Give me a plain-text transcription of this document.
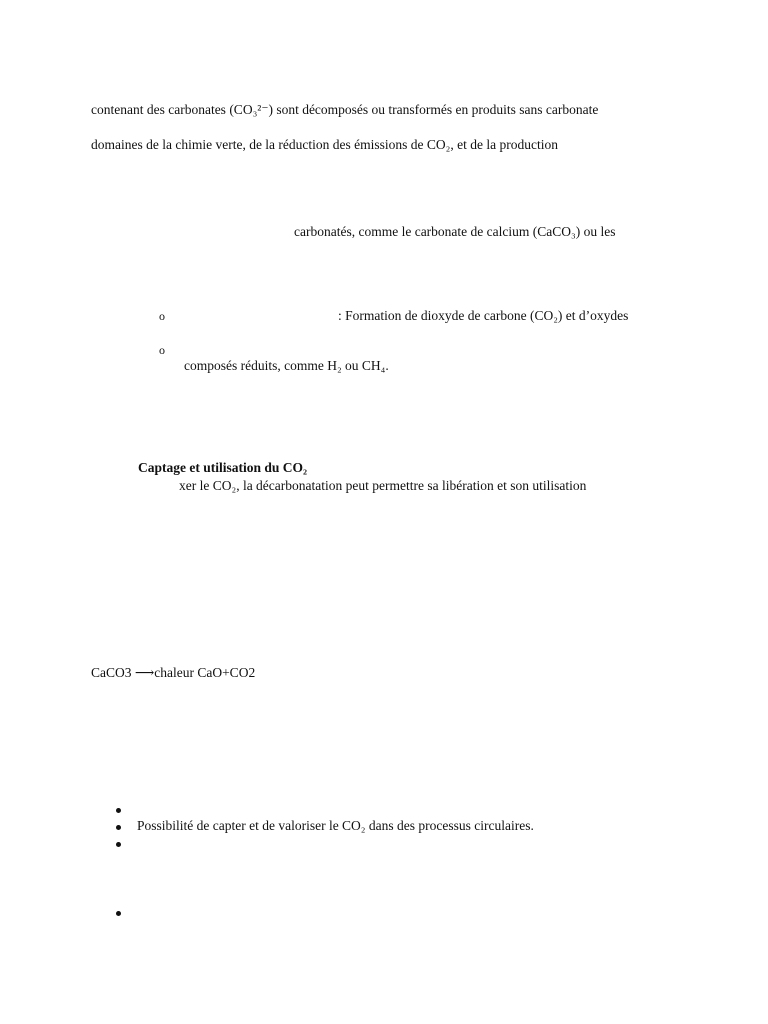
contenant des carbonates (CO₃²⁻) sont décomposés ou transformés en produits sans carbonate
domaines de la chimie verte, de la réduction des émissions de CO₂, et de la production
carbonatés, comme le carbonate de calcium (CaCO₃) ou les
o	: Formation de dioxyde de carbone (CO₂) et d’oxydes
o
composés réduits, comme H₂ ou CH₄.
Captage et utilisation du CO₂
xer le CO₂, la décarbonatation peut permettre sa libération et son utilisation
CaCO3 ⟶chaleur CaO+CO2
Possibilité de capter et de valoriser le CO₂ dans des processus circulaires.
